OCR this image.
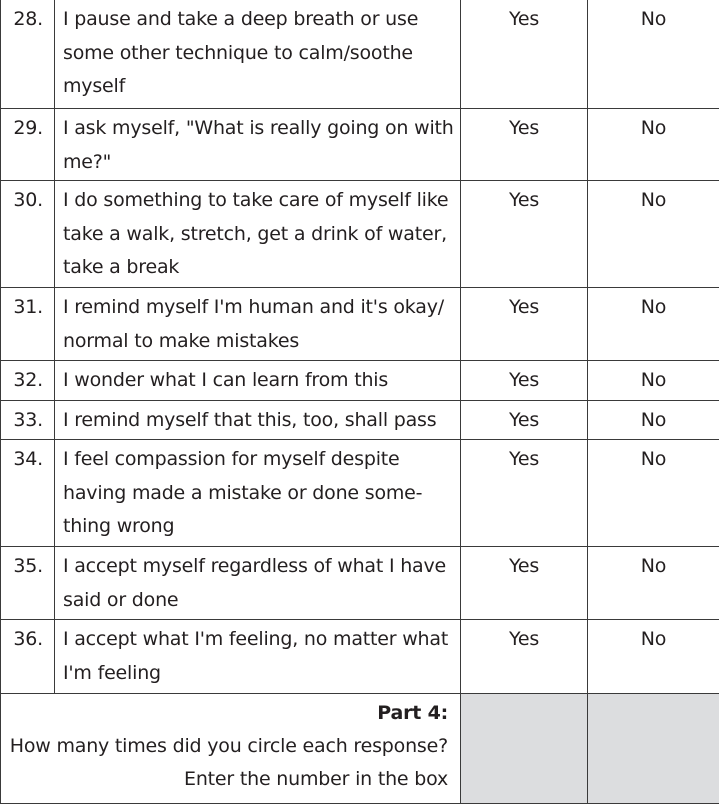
28.	I pause and take a deep breath or use some other technique to calm/soothe myself	Yes	No
29.	I ask myself, "What is really going on with me?"	Yes	No
30.	I do something to take care of myself like take a walk, stretch, get a drink of water, take a break	Yes	No
31.	I remind myself I'm human and it's okay/ normal to make mistakes	Yes	No
32.	I wonder what I can learn from this	Yes	No
33.	I remind myself that this, too, shall pass	Yes	No
34.	I feel compassion for myself despite having made a mistake or done some- thing wrong	Yes	No
35.	I accept myself regardless of what I have said or done	Yes	No
36.	I accept what I'm feeling, no matter what I'm feeling	Yes	No

Part 4:
How many times did you circle each response?
Enter the number in the box			
